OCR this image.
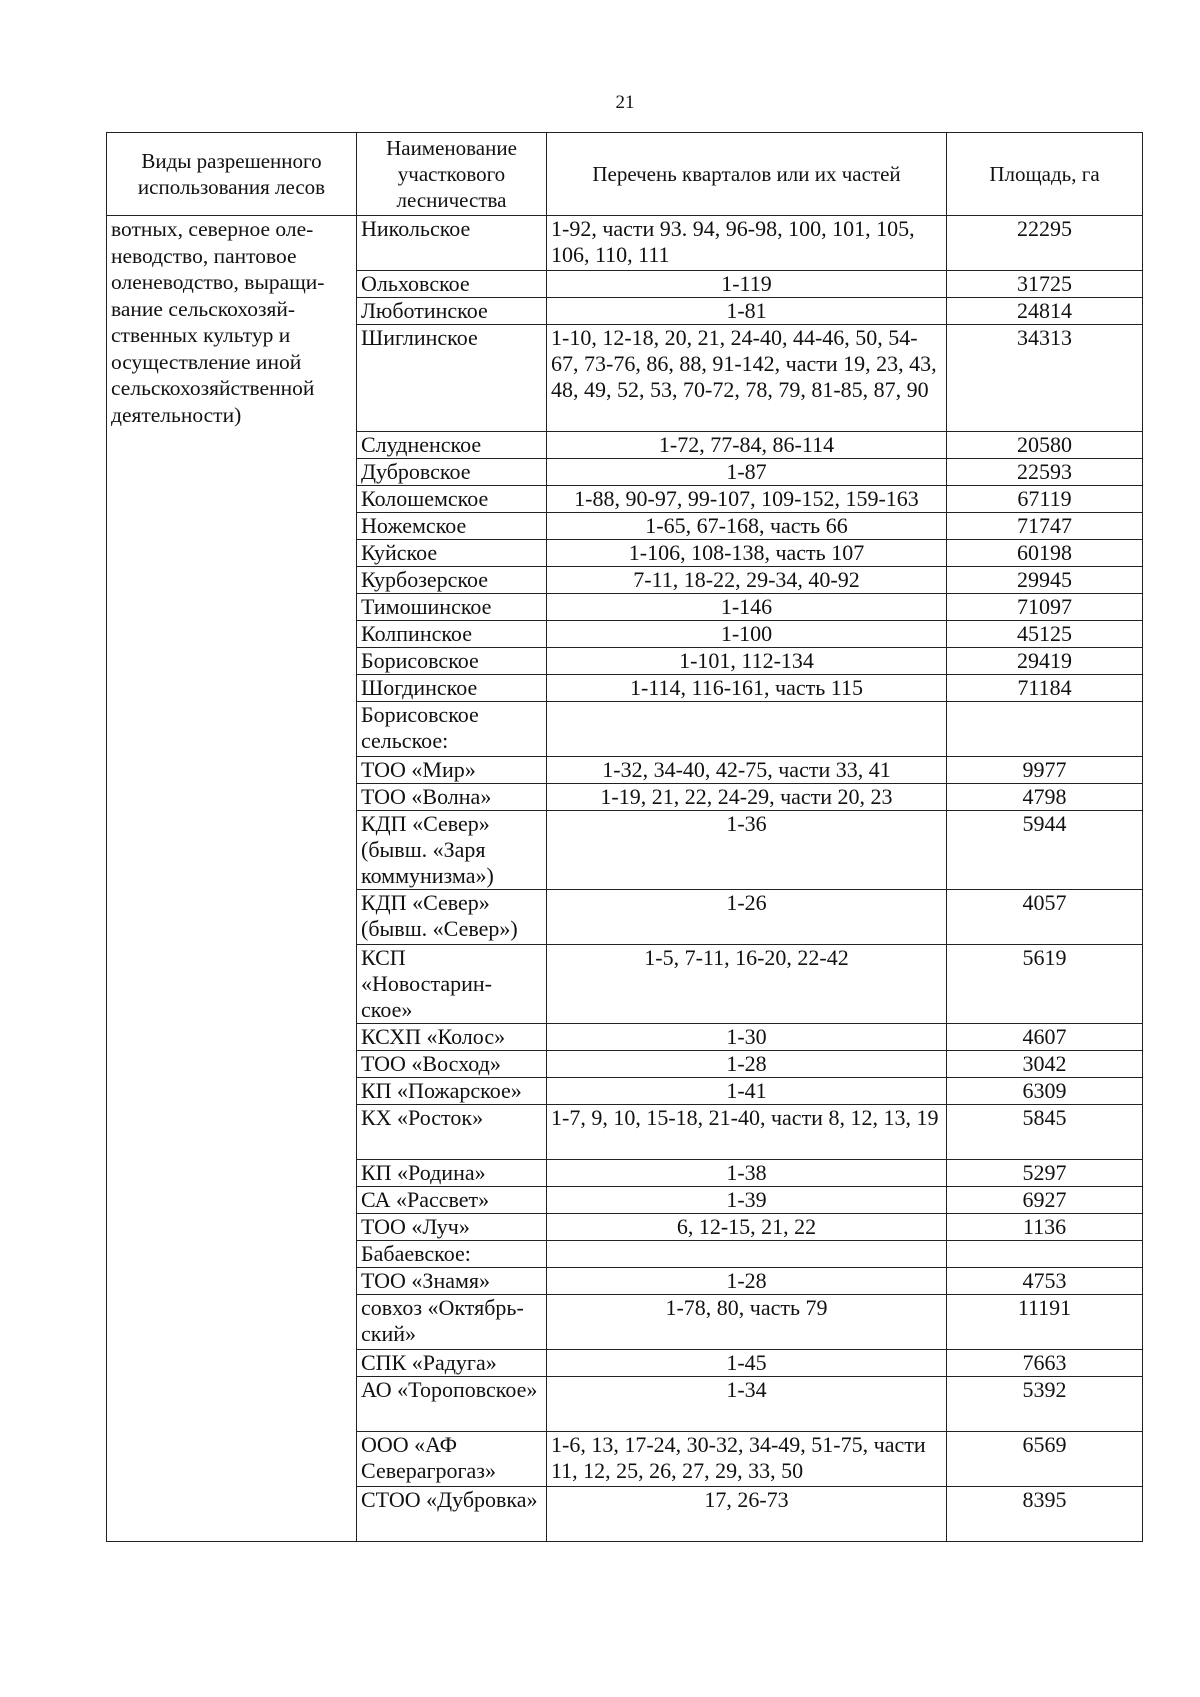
21
Виды разрешенного использования лесов	Наименование участкового лесничества	Перечень кварталов или их частей	Площадь, га
вотных, северное оле-неводство, пантовое оленеводство, выращи-вание сельскохозяй-ственных культур и осуществление иной сельскохозяйственной деятельности)	Никольское	1-92, части 93. 94, 96-98, 100, 101, 105, 106, 110, 111	22295
	Ольховское	1-119	31725
	Люботинское	1-81	24814
	Шиглинское	1-10, 12-18, 20, 21, 24-40, 44-46, 50, 54-67, 73-76, 86, 88, 91-142, части 19, 23, 43, 48, 49, 52, 53, 70-72, 78, 79, 81-85, 87, 90	34313
	Слудненское	1-72, 77-84, 86-114	20580
	Дубровское	1-87	22593
	Колошемское	1-88, 90-97, 99-107, 109-152, 159-163	67119
	Ножемское	1-65, 67-168, часть 66	71747
	Куйское	1-106, 108-138, часть 107	60198
	Курбозерское	7-11, 18-22, 29-34, 40-92	29945
	Тимошинское	1-146	71097
	Колпинское	1-100	45125
	Борисовское	1-101, 112-134	29419
	Шогдинское	1-114, 116-161, часть 115	71184
	Борисовское сельское:		
	ТОО «Мир»	1-32, 34-40, 42-75, части 33, 41	9977
	ТОО «Волна»	1-19, 21, 22, 24-29, части 20, 23	4798
	КДП «Север» (бывш. «Заря коммунизма»)	1-36	5944
	КДП «Север» (бывш. «Север»)	1-26	4057
	КСП «Новостарин-ское»	1-5, 7-11, 16-20, 22-42	5619
	КСХП «Колос»	1-30	4607
	ТОО «Восход»	1-28	3042
	КП «Пожарское»	1-41	6309
	КХ «Росток»	1-7, 9, 10, 15-18, 21-40, части 8, 12, 13, 19	5845
	КП «Родина»	1-38	5297
	СА «Рассвет»	1-39	6927
	ТОО «Луч»	6, 12-15, 21, 22	1136
	Бабаевское:		
	ТОО «Знамя»	1-28	4753
	совхоз «Октябрь-ский»	1-78, 80, часть 79	11191
	СПК «Радуга»	1-45	7663
	АО «Тороповское»	1-34	5392
	ООО «АФ Северагрогаз»	1-6, 13, 17-24, 30-32, 34-49, 51-75, части 11, 12, 25, 26, 27, 29, 33, 50	6569
	СТОО «Дубровка»	17, 26-73	8395
